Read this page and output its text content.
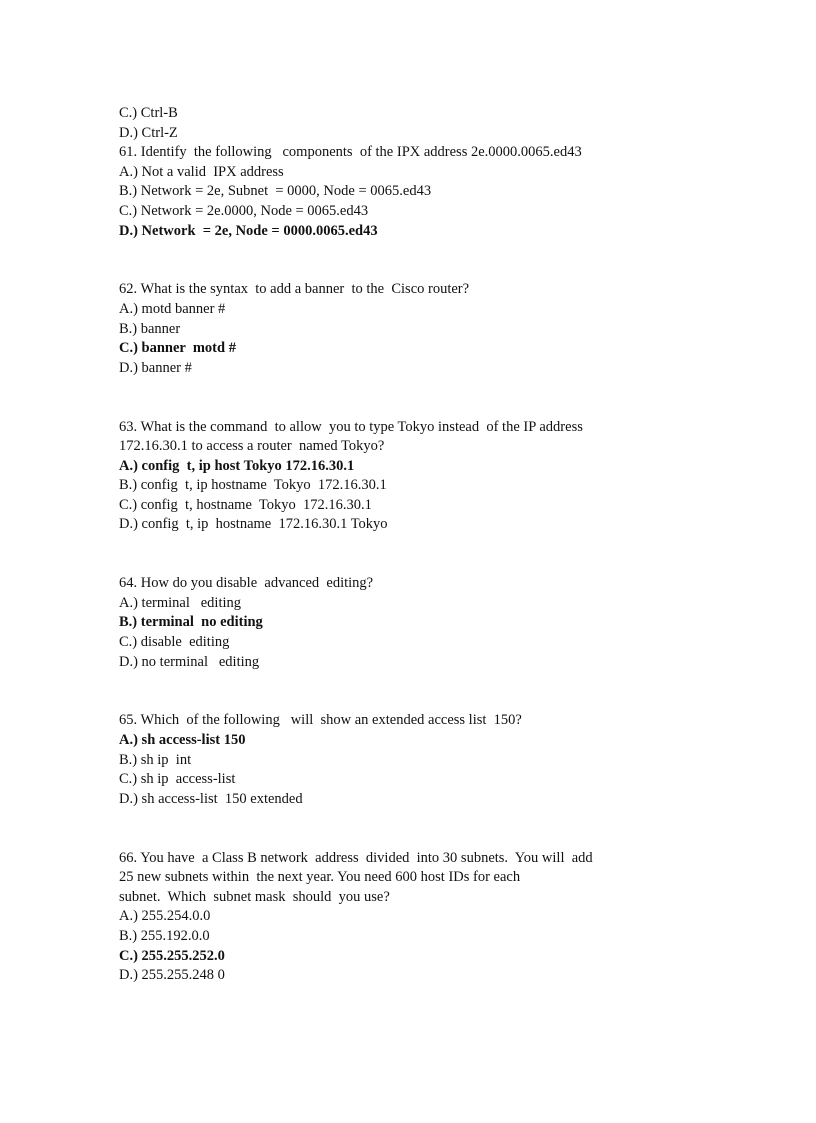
C.) Ctrl-B
D.) Ctrl-Z
61. Identify  the following   components  of the IPX address 2e.0000.0065.ed43
A.) Not a valid  IPX address
B.) Network = 2e, Subnet  = 0000, Node = 0065.ed43
C.) Network = 2e.0000, Node = 0065.ed43
D.) Network  = 2e, Node = 0000.0065.ed43
62. What is the syntax  to add a banner  to the  Cisco router?
A.) motd banner #
B.) banner
C.) banner  motd #
D.) banner #
63. What is the command  to allow  you to type Tokyo instead  of the IP address
172.16.30.1 to access a router  named Tokyo?
A.) config  t, ip host Tokyo 172.16.30.1
B.) config  t, ip hostname  Tokyo  172.16.30.1
C.) config  t, hostname  Tokyo  172.16.30.1
D.) config  t, ip  hostname  172.16.30.1 Tokyo
64. How do you disable  advanced  editing?
A.) terminal   editing
B.) terminal  no editing
C.) disable  editing
D.) no terminal   editing
65. Which  of the following   will  show an extended access list  150?
A.) sh access-list 150
B.) sh ip  int
C.) sh ip  access-list
D.) sh access-list  150 extended
66. You have  a Class B network  address  divided  into 30 subnets.  You will  add
25 new subnets within  the next year. You need 600 host IDs for each
subnet.  Which  subnet mask  should  you use?
A.) 255.254.0.0
B.) 255.192.0.0
C.) 255.255.252.0
D.) 255.255.248 0
